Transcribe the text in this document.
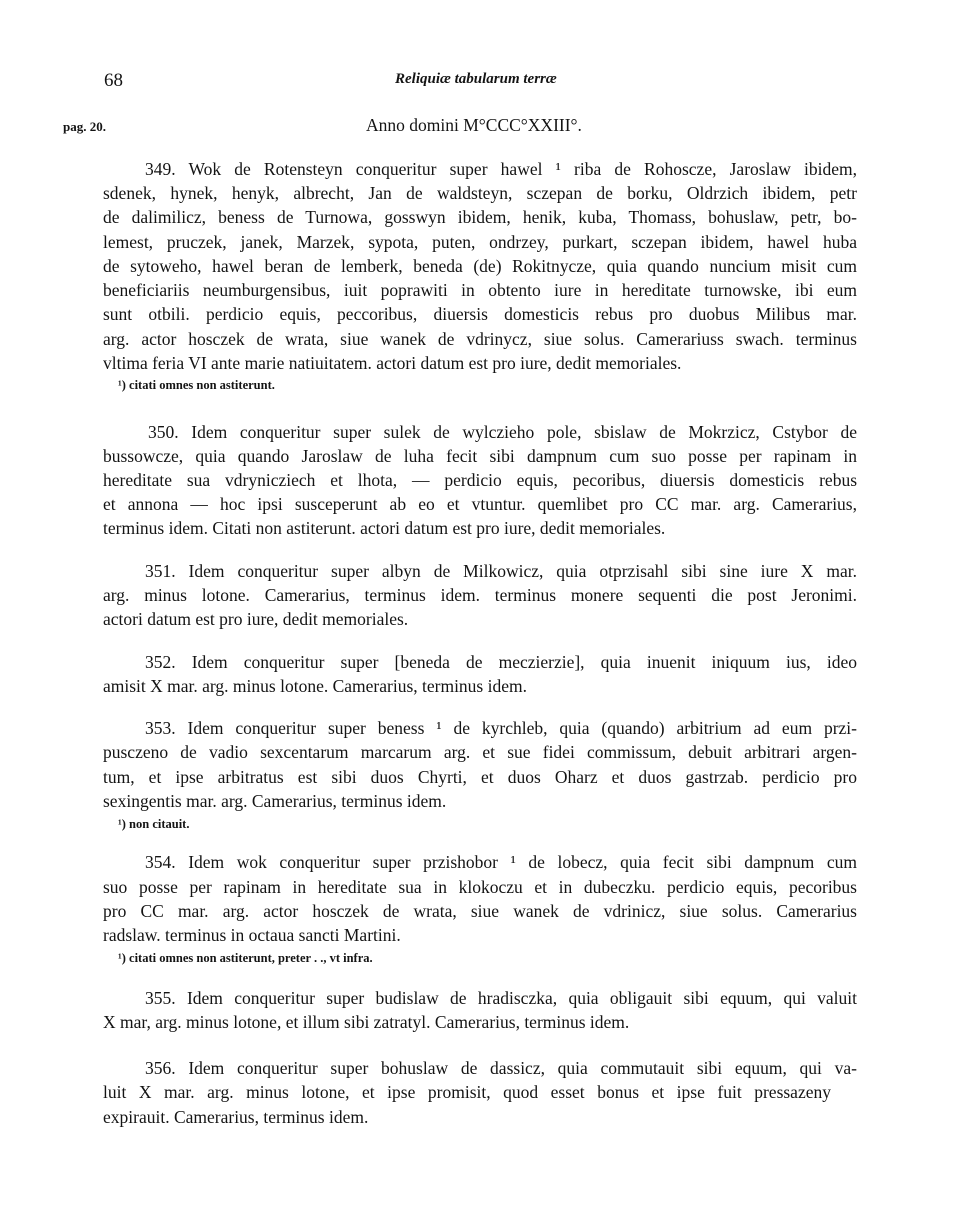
68	Reliquiæ tabularum terræ
pag. 20.	Anno domini M°CCC°XXIII°.
349. Wok de Rotensteyn conqueritur super hawel ¹ riba de Rohoscze, Jaroslaw ibidem,
sdenek, hynek, henyk, albrecht, Jan de waldsteyn, sczepan de borku, Oldrzich ibidem, petr
de dalimilicz, beness de Turnowa, gosswyn ibidem, henik, kuba, Thomass, bohuslaw, petr, bo-
lemest, pruczek, janek, Marzek, sypota, puten, ondrzey, purkart, sczepan ibidem, hawel huba
de sytoweho, hawel beran de lemberk, beneda (de) Rokitnycze, quia quando nuncium misit cum
beneficiariis neumburgensibus, iuit poprawiti in obtento iure in hereditate turnowske, ibi eum
sunt otbili. perdicio equis, peccoribus, diuersis domesticis rebus pro duobus Milibus mar.
arg. actor hosczek de wrata, siue wanek de vdrinycz, siue solus. Camerariuss swach. terminus
vltima feria VI ante marie natiuitatem. actori datum est pro iure, dedit memoriales.
¹) citati omnes non astiterunt.
350. Idem conqueritur super sulek de wylczieho pole, sbislaw de Mokrzicz, Cstybor de
bussowcze, quia quando Jaroslaw de luha fecit sibi dampnum cum suo posse per rapinam in
hereditate sua vdrynicziech et lhota, — perdicio equis, pecoribus, diuersis domesticis rebus
et annona — hoc ipsi susceperunt ab eo et vtuntur. quemlibet pro CC mar. arg. Camerarius,
terminus idem. Citati non astiterunt. actori datum est pro iure, dedit memoriales.
351. Idem conqueritur super albyn de Milkowicz, quia otprzisahl sibi sine iure X mar.
arg. minus lotone. Camerarius, terminus idem. terminus monere sequenti die post Jeronimi.
actori datum est pro iure, dedit memoriales.
352. Idem conqueritur super [beneda de meczierzie], quia inuenit iniquum ius, ideo
amisit X mar. arg. minus lotone. Camerarius, terminus idem.
353. Idem conqueritur super beness ¹ de kyrchleb, quia (quando) arbitrium ad eum przi-
pusczeno de vadio sexcentarum marcarum arg. et sue fidei commissum, debuit arbitrari argen-
tum, et ipse arbitratus est sibi duos Chyrti, et duos Oharz et duos gastrzab. perdicio pro
sexingentis mar. arg. Camerarius, terminus idem.
¹) non citauit.
354. Idem wok conqueritur super przishobor ¹ de lobecz, quia fecit sibi dampnum cum
suo posse per rapinam in hereditate sua in klokoczu et in dubeczku. perdicio equis, pecoribus
pro CC mar. arg. actor hosczek de wrata, siue wanek de vdrinicz, siue solus. Camerarius
radslaw. terminus in octaua sancti Martini.
¹) citati omnes non astiterunt, preter . ., vt infra.
355. Idem conqueritur super budislaw de hradisczka, quia obligauit sibi equum, qui valuit
X mar, arg. minus lotone, et illum sibi zatratyl. Camerarius, terminus idem.
356. Idem conqueritur super bohuslaw de dassicz, quia commutauit sibi equum, qui va-
luit X mar. arg. minus lotone, et ipse promisit, quod esset bonus et ipse fuit pressazeny
expirauit. Camerarius, terminus idem.
